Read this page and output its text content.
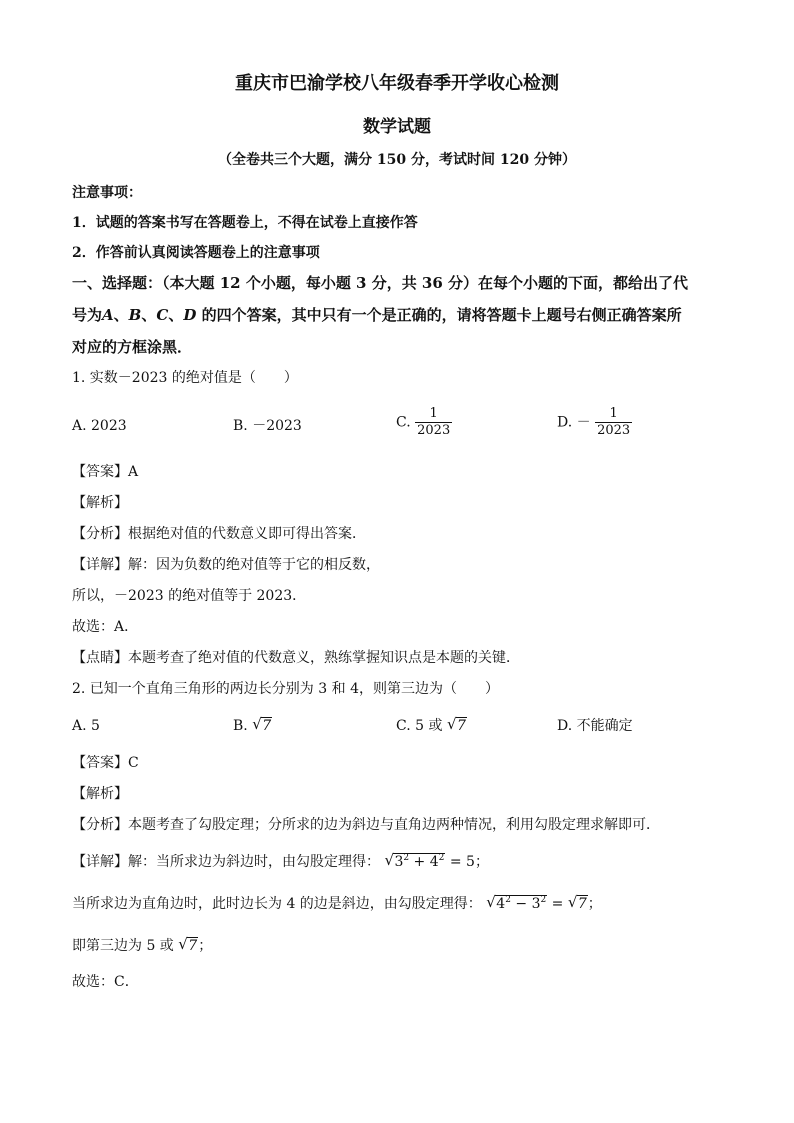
重庆市巴渝学校八年级春季开学收心检测
数学试题
（全卷共三个大题，满分 150 分，考试时间 120 分钟）
注意事项：
1．试题的答案书写在答题卷上，不得在试卷上直接作答
2．作答前认真阅读答题卷上的注意事项
一、选择题：（本大题 12 个小题，每小题 3 分，共 36 分）在每个小题的下面，都给出了代
号为A、B、C、D 的四个答案，其中只有一个是正确的，请将答题卡上题号右侧正确答案所
对应的方框涂黑．
1. 实数－2023 的绝对值是（　　）
A. 2023	B. －2023	C. $\frac{1}{2023}$	D. － $\frac{1}{2023}$
【答案】A
【解析】
【分析】根据绝对值的代数意义即可得出答案．
【详解】解：因为负数的绝对值等于它的相反数，
所以，－2023 的绝对值等于 2023．
故选：A．
【点睛】本题考查了绝对值的代数意义，熟练掌握知识点是本题的关键．
2. 已知一个直角三角形的两边长分别为 3 和 4，则第三边为（　　）
A. 5	B. √ 7	C. 5 或 √ 7	D. 不能确定
【答案】C
【解析】
【分析】本题考查了勾股定理；分所求的边为斜边与直角边两种情况，利用勾股定理求解即可．
【详解】解：当所求边为斜边时，由勾股定理得： √ $3^2 + 4^2 = 5$；
当所求边为直角边时，此时边长为 4 的边是斜边，由勾股定理得： √ $4^2 - 3^2$ = √ 7；
即第三边为 5 或 √ 7；
故选：C．
